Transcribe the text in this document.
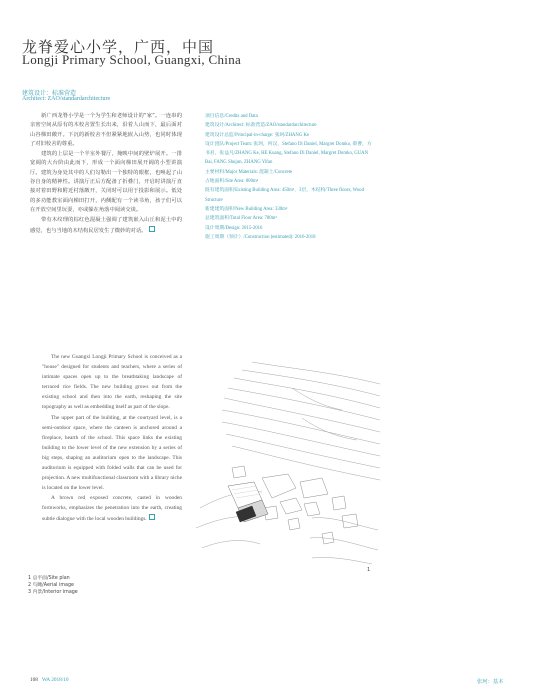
龙脊爱心小学，广西，中国
Longji Primary School, Guangxi, China
建筑设计：标准营造
Architect: ZAO/standardarchitecture

新广西龙脊小学是一个为学生和老师设计的“家”。一连串的亲密空间从原有的木校舍置生长出来，沿着人山而下，最后面对山谷梯田敞开。下沉的新校舍不但紧紧地嵌入山势，也同时体现了对旧校舍的尊重。

建筑的上层是一个半室外餐厅，掩映中间的壁炉展开。一排宽阔的大台阶由此而下，形成一个面向梯田展开阔的小型讲演厅。建筑为身处其中的人们勾勒出一个独特的眼框，也唤起了山谷自身的精神性。讲演厅正后方配备了折叠门，开启时讲演厅直接对着田野和附近村落敞开，关闭时可以用于投影和展示。低处的多功能教室面向梯田打开，内侧配有一个读书角，孩子们可以在开放空间里玩耍，亦或躲在角落中阅读交谈。

带有木纹理的棕红色混凝土强调了建筑嵌入山丘和泥土中的感觉，也与当地的木结构民居发生了微妙的对话。

项目信息/Credits and Data
建筑设计/Architect: 标准营造/ZAO/standardarchitecture
建筑设计总监/Principal-in-charge: 张珂/ZHANG Ke
设计团队/Project Team: 张珂，何汉，Stefano Di Daniel, Margret Domko, 蔡曹，方书君，张益凡/ZHANG Ke, HE Kuang, Stefano Di Daniel, Margret Domko, GUAN Bai, FANG Shujun, ZHANG Yifan
主要材料/Major Materials: 混凝土/Concrete
占地面积/Site Area: 800m²
既有建筑面积/Existing Building Area: 450m²，3层，木结构/Three floors, Wood Structure
新建建筑面积/New Building Area: 330m²
总建筑面积/Total Floor Area: 780m²
设计周期/Design: 2015-2016
施工周期（预计）/Construction (estimated): 2016-2018

The new Guangxi Longji Primary School is conceived as a "house" designed for students and teachers, where a series of intimate spaces open up to the breathtaking landscape of terraced rice fields. The new building grows out from the existing school and then into the earth, reshaping the site topography as well as embedding itself as part of the slope.

The upper part of the building, at the courtyard level, is a semi-outdoor space, where the canteen is anchored around a fireplace, hearth of the school. This space links the existing building to the lower level of the new extension by a series of big steps, shaping an auditorium open to the landscape. This auditorium is equipped with folded walls that can be used for projection. A new multifunctional classroom with a library niche is located on the lower level.

A brown red exposed concrete, casted in wooden formworks, emphasizes the penetration into the earth, creating subtle dialogue with the local wooden buildings.

1
1 总平面/Site plan
2 鸟瞰/Aerial image
3 内景/Interior image
108 WA 2018/10	张珂：基本
